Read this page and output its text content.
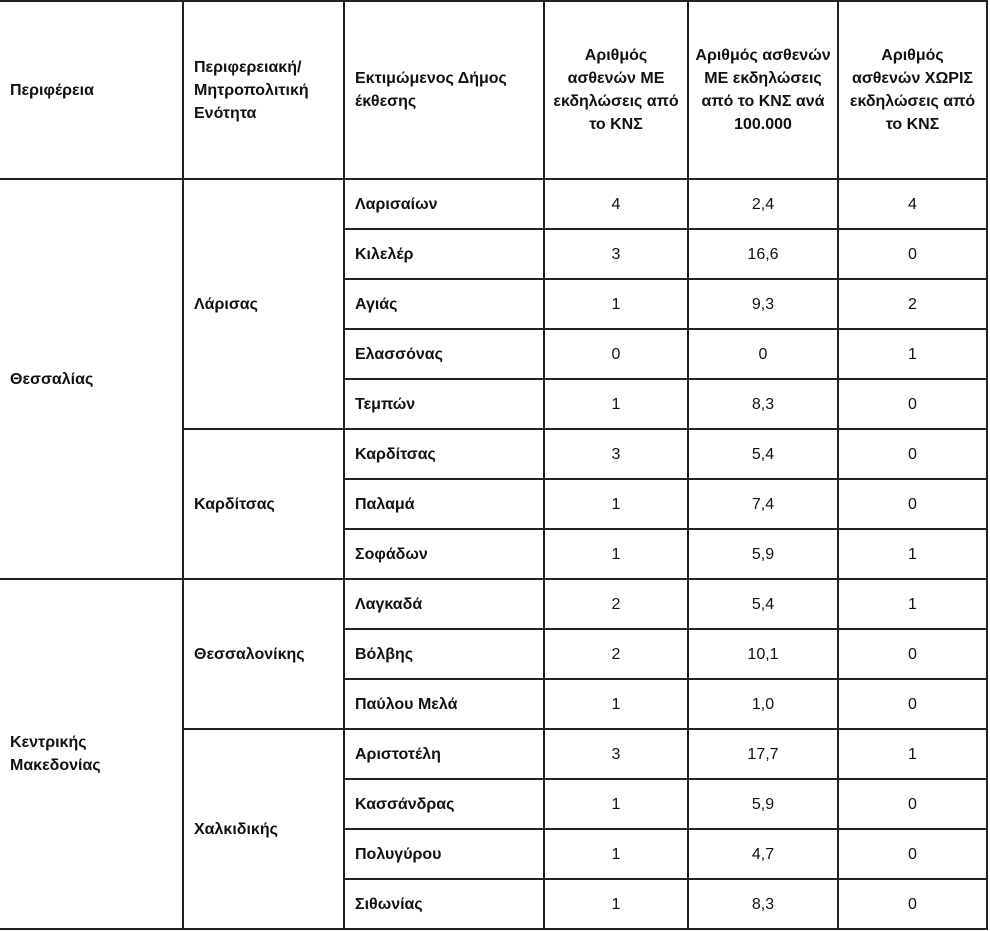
Περιφέρεια	Περιφερειακή/ Μητροπολιτική Ενότητα	Εκτιμώμενος Δήμος έκθεσης	Αριθμός ασθενών ΜΕ εκδηλώσεις από το ΚΝΣ	Αριθμός ασθενών ΜΕ εκδηλώσεις από το ΚΝΣ ανά 100.000	Αριθμός ασθενών ΧΩΡΙΣ εκδηλώσεις από το ΚΝΣ
Θεσσαλίας	Λάρισας	Λαρισαίων	4	2,4	4
		Κιλελέρ	3	16,6	0
		Αγιάς	1	9,3	2
		Ελασσόνας	0	0	1
		Τεμπών	1	8,3	0
	Καρδίτσας	Καρδίτσας	3	5,4	0
		Παλαμά	1	7,4	0
		Σοφάδων	1	5,9	1
Κεντρικής Μακεδονίας	Θεσσαλονίκης	Λαγκαδά	2	5,4	1
		Βόλβης	2	10,1	0
		Παύλου Μελά	1	1,0	0
	Χαλκιδικής	Αριστοτέλη	3	17,7	1
		Κασσάνδρας	1	5,9	0
		Πολυγύρου	1	4,7	0
		Σιθωνίας	1	8,3	0
